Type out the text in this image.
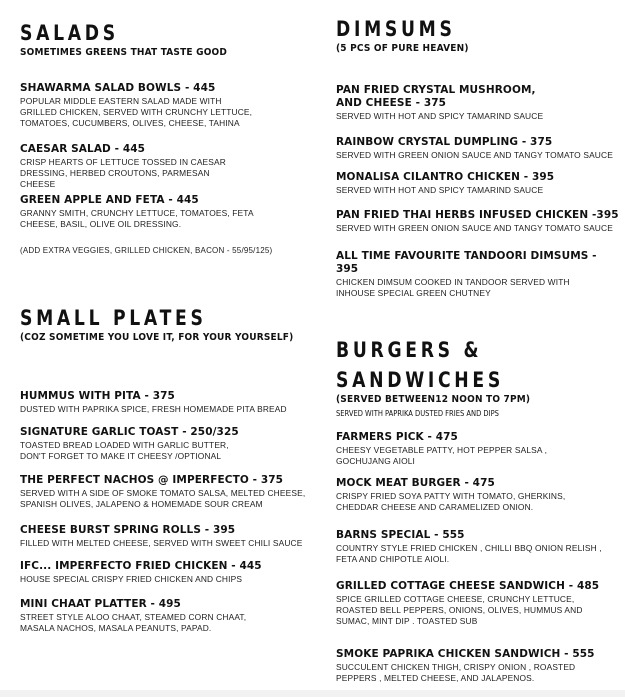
SALADS
SOMETIMES GREENS THAT TASTE GOOD
SHAWARMA SALAD BOWLS - 445
POPULAR MIDDLE EASTERN SALAD MADE WITH GRILLED CHICKEN, SERVED WITH CRUNCHY LETTUCE, TOMATOES, CUCUMBERS, OLIVES, CHEESE, TAHINA
CAESAR SALAD - 445
CRISP HEARTS OF LETTUCE TOSSED IN CAESAR DRESSING, HERBED CROUTONS, PARMESAN CHEESE
GREEN APPLE AND FETA - 445
GRANNY SMITH, CRUNCHY LETTUCE, TOMATOES, FETA CHEESE, BASIL, OLIVE OIL DRESSING.
(ADD EXTRA VEGGIES, GRILLED CHICKEN, BACON - 55/95/125)
SMALL PLATES
(COZ SOMETIME YOU LOVE IT, FOR YOUR YOURSELF)
HUMMUS WITH PITA - 375
DUSTED WITH PAPRIKA SPICE, FRESH HOMEMADE PITA BREAD
SIGNATURE GARLIC TOAST - 250/325
TOASTED BREAD LOADED WITH GARLIC BUTTER, DON'T FORGET TO MAKE IT CHEESY /OPTIONAL
THE PERFECT NACHOS @ IMPERFECTO - 375
SERVED WITH A SIDE OF SMOKE TOMATO SALSA, MELTED CHEESE, SPANISH OLIVES, JALAPENO & HOMEMADE SOUR CREAM
CHEESE BURST SPRING ROLLS - 395
FILLED WITH MELTED CHEESE, SERVED WITH SWEET CHILI SAUCE
IFC... IMPERFECTO FRIED CHICKEN - 445
HOUSE SPECIAL CRISPY FRIED CHICKEN AND CHIPS
MINI CHAAT PLATTER - 495
STREET STYLE ALOO CHAAT, STEAMED CORN CHAAT, MASALA NACHOS, MASALA PEANUTS, PAPAD.
DIMSUMS
(5 PCS OF PURE HEAVEN)
PAN FRIED CRYSTAL MUSHROOM, AND CHEESE - 375
SERVED WITH HOT AND SPICY TAMARIND SAUCE
RAINBOW CRYSTAL DUMPLING - 375
SERVED WITH GREEN ONION SAUCE AND TANGY TOMATO SAUCE
MONALISA CILANTRO CHICKEN - 395
SERVED WITH HOT AND SPICY TAMARIND SAUCE
PAN FRIED THAI HERBS INFUSED CHICKEN -395
SERVED WITH GREEN ONION SAUCE AND TANGY TOMATO SAUCE
ALL TIME FAVOURITE TANDOORI DIMSUMS - 395
CHICKEN DIMSUM COOKED IN TANDOOR SERVED WITH INHOUSE SPECIAL GREEN CHUTNEY
BURGERS &
SANDWICHES
(SERVED BETWEEN12 NOON TO 7PM)
SERVED WITH PAPRIKA DUSTED FRIES AND DIPS
FARMERS PICK - 475
CHEESY VEGETABLE PATTY, HOT PEPPER SALSA , GOCHUJANG AIOLI
MOCK MEAT BURGER - 475
CRISPY FRIED SOYA PATTY WITH TOMATO, GHERKINS, CHEDDAR CHEESE AND CARAMELIZED ONION.
BARNS SPECIAL - 555
COUNTRY STYLE FRIED CHICKEN , CHILLI BBQ ONION RELISH , FETA AND CHIPOTLE AIOLI.
GRILLED COTTAGE CHEESE SANDWICH - 485
SPICE GRILLED COTTAGE CHEESE, CRUNCHY LETTUCE, ROASTED BELL PEPPERS, ONIONS, OLIVES, HUMMUS AND SUMAC, MINT DIP . TOASTED SUB
SMOKE PAPRIKA CHICKEN SANDWICH - 555
SUCCULENT CHICKEN THIGH, CRISPY ONION , ROASTED PEPPERS , MELTED CHEESE, AND JALAPENOS.
